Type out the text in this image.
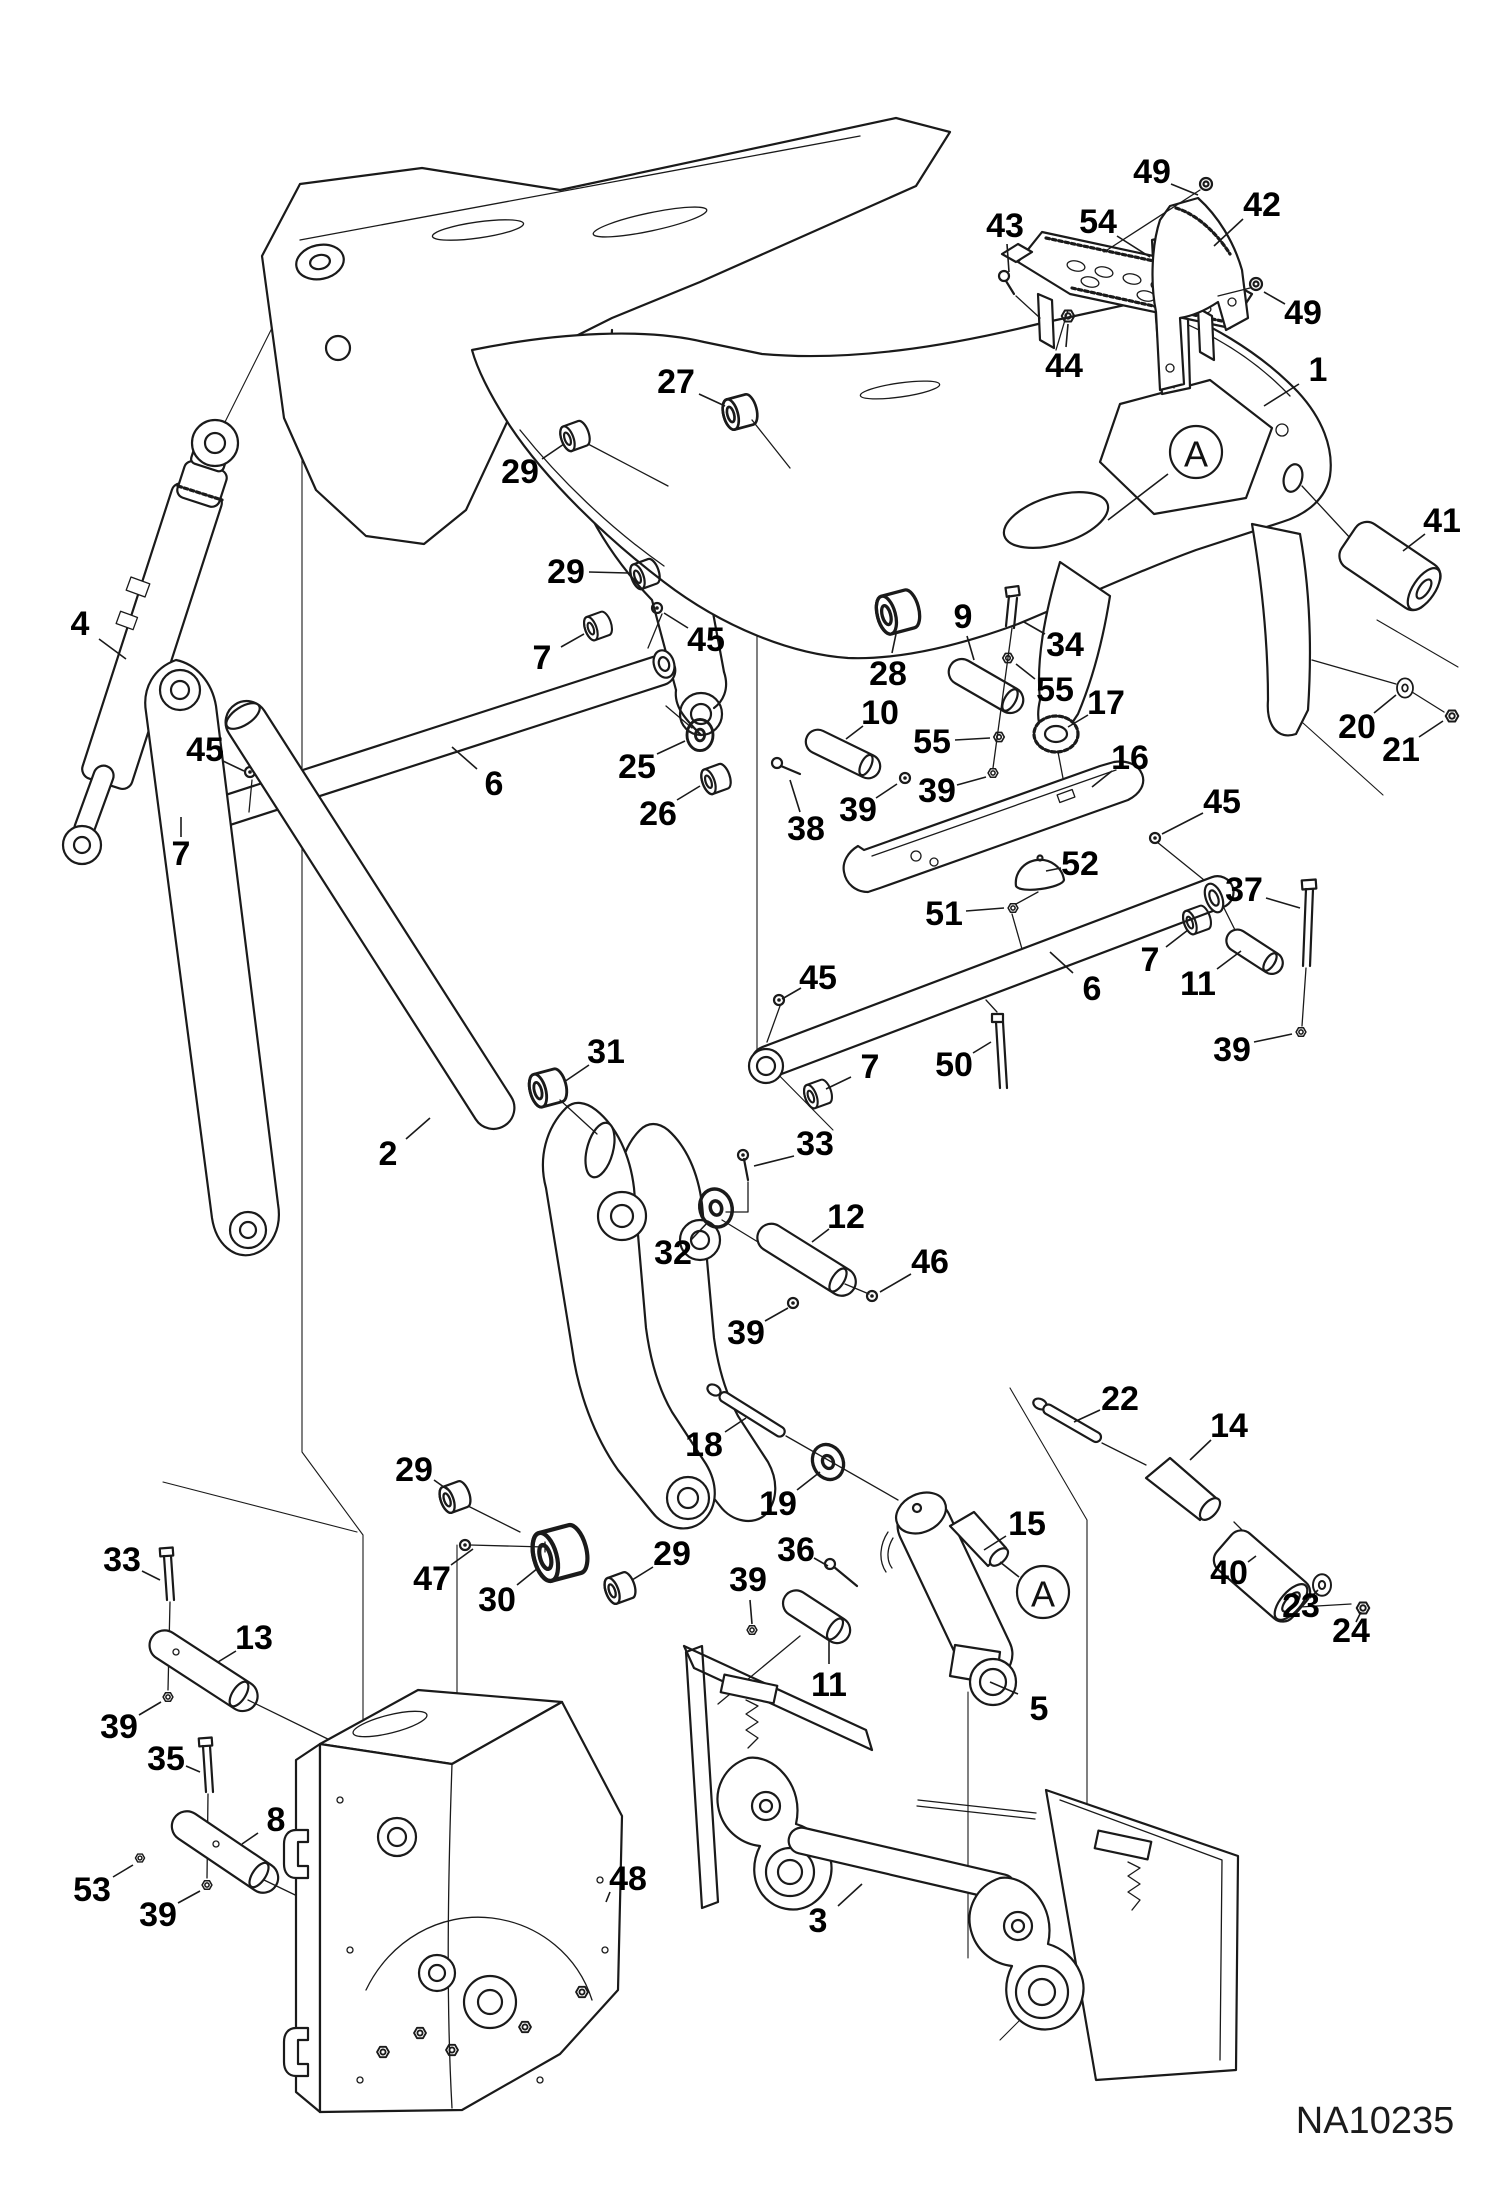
49
42
54
43
49
44	1
41
27
29
29
28
9
34
55
10
55
17
16
25
26	38 39 39
52
51
4
45
7
6
7	45
45
7 50
6
7
11
37
39
45
31
2	33
32
12
46
39
22
18
19
15
14
36
39
29
47
30
29	40
23
24
5
11
3
33
13
39
35
8
53
39
48
20
21
A
A
NA10235
